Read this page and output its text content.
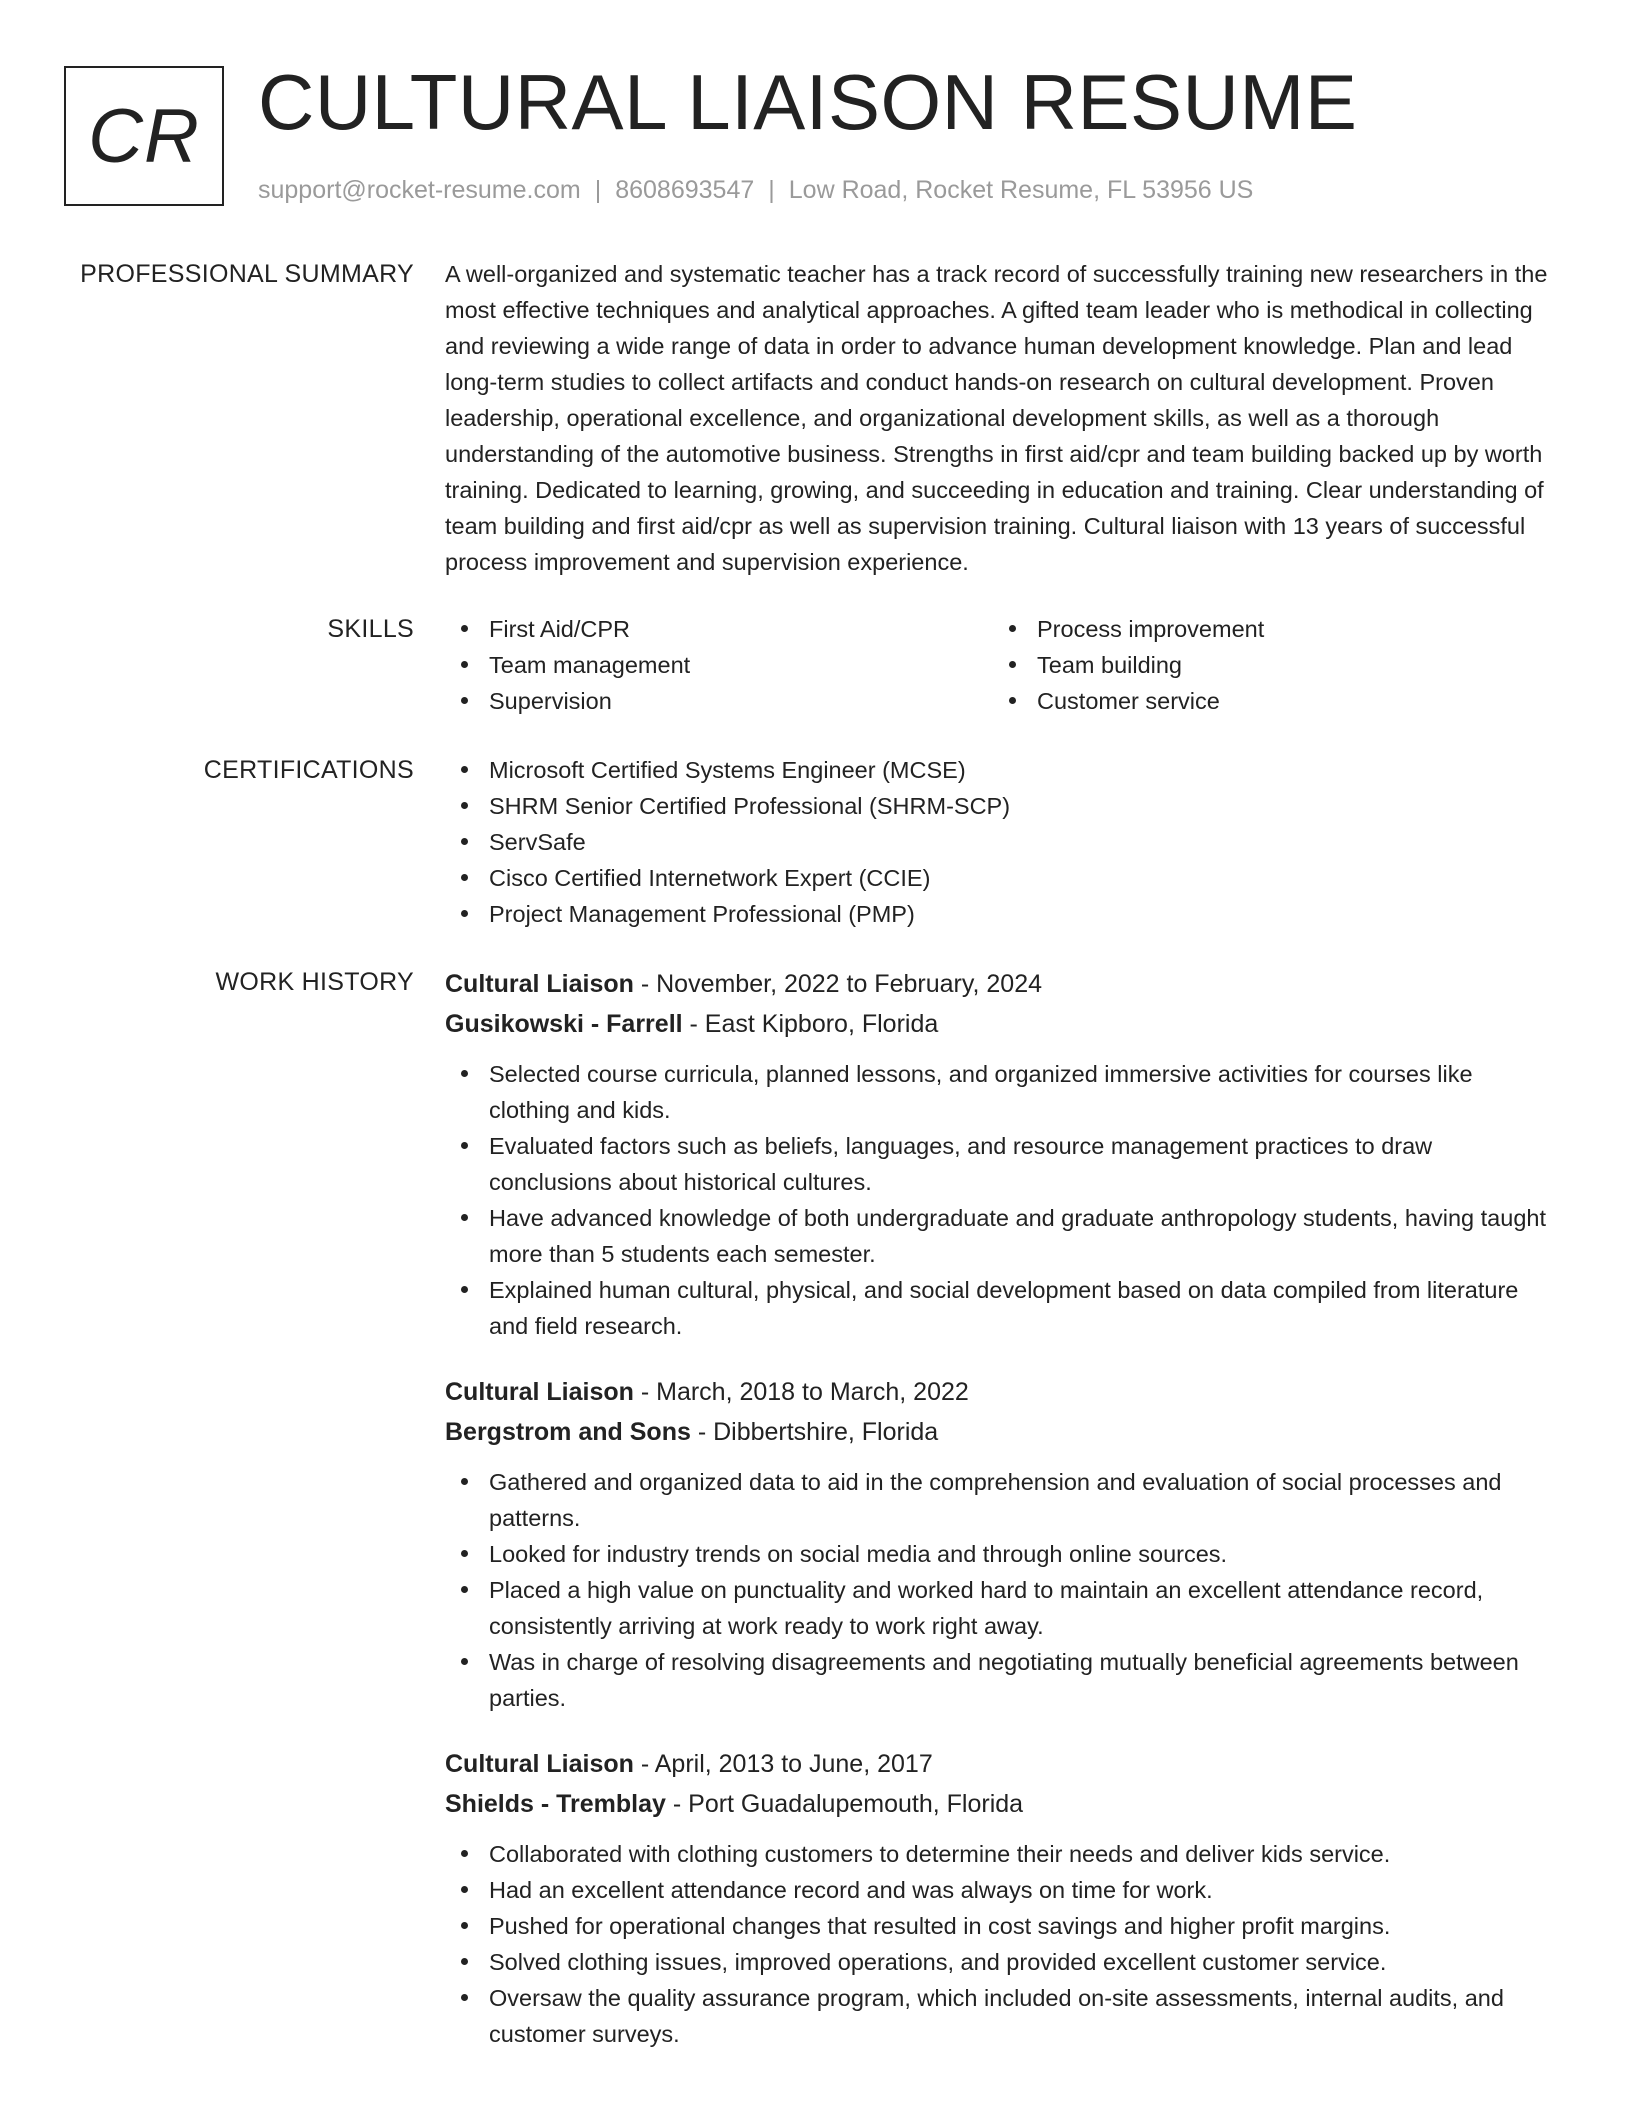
CR CULTURAL LIAISON RESUME
support@rocket-resume.com | 8608693547 | Low Road, Rocket Resume, FL 53956 US
PROFESSIONAL SUMMARY A well-organized and systematic teacher has a track record of successfully training new researchers in the most effective techniques and analytical approaches. A gifted team leader who is methodical in collecting and reviewing a wide range of data in order to advance human development knowledge. Plan and lead long-term studies to collect artifacts and conduct hands-on research on cultural development. Proven leadership, operational excellence, and organizational development skills, as well as a thorough understanding of the automotive business. Strengths in first aid/cpr and team building backed up by worth training. Dedicated to learning, growing, and succeeding in education and training. Clear understanding of team building and first aid/cpr as well as supervision training. Cultural liaison with 13 years of successful process improvement and supervision experience.

SKILLS	First Aid/CPR
Team management
Supervision
Process improvement
Team building
Customer service
CERTIFICATIONS	Microsoft Certified Systems Engineer (MCSE)
SHRM Senior Certified Professional (SHRM-SCP)
ServSafe
Cisco Certified Internetwork Expert (CCIE)
Project Management Professional (PMP)
WORK HISTORY Cultural Liaison - November, 2022 to February, 2024
Gusikowski - Farrell - East Kipboro, Florida
Selected course curricula, planned lessons, and organized immersive activities for courses like clothing and kids.
Evaluated factors such as beliefs, languages, and resource management practices to draw conclusions about historical cultures.
Have advanced knowledge of both undergraduate and graduate anthropology students, having taught more than 5 students each semester.
Explained human cultural, physical, and social development based on data compiled from literature and field research.
Cultural Liaison - March, 2018 to March, 2022
Bergstrom and Sons - Dibbertshire, Florida
Gathered and organized data to aid in the comprehension and evaluation of social processes and patterns.
Looked for industry trends on social media and through online sources.
Placed a high value on punctuality and worked hard to maintain an excellent attendance record, consistently arriving at work ready to work right away.
Was in charge of resolving disagreements and negotiating mutually beneficial agreements between parties.
Cultural Liaison - April, 2013 to June, 2017
Shields - Tremblay - Port Guadalupemouth, Florida
Collaborated with clothing customers to determine their needs and deliver kids service.
Had an excellent attendance record and was always on time for work.
Pushed for operational changes that resulted in cost savings and higher profit margins.
Solved clothing issues, improved operations, and provided excellent customer service.
Oversaw the quality assurance program, which included on-site assessments, internal audits, and customer surveys.
